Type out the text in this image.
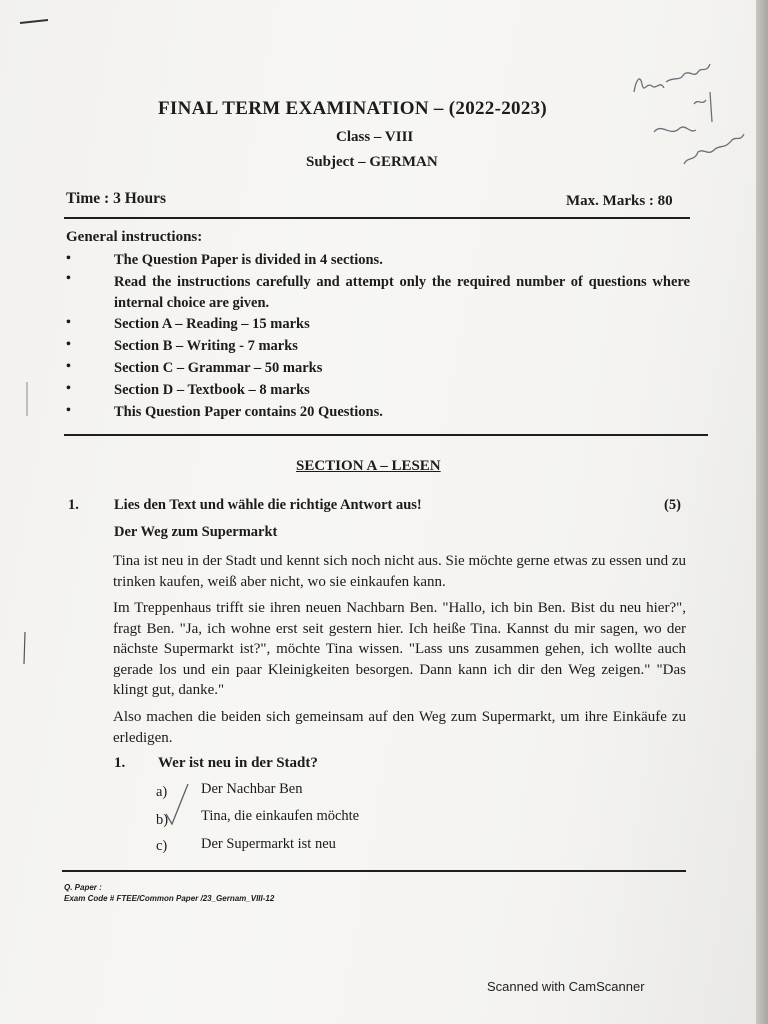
FINAL TERM EXAMINATION – (2022-2023)
Class – VIII
Subject – GERMAN
Time : 3 Hours	Max. Marks : 80
General instructions:
•	The Question Paper is divided in 4 sections.
•	Read the instructions carefully and attempt only the required number of questions where internal choice are given.
•	Section A – Reading – 15 marks
•	Section B – Writing - 7 marks
•	Section C – Grammar – 50 marks
•	Section D – Textbook – 8 marks
•	This Question Paper contains 20 Questions.
SECTION A – LESEN
1. Lies den Text und wähle die richtige Antwort aus!	(5)
Der Weg zum Supermarkt
Tina ist neu in der Stadt und kennt sich noch nicht aus. Sie möchte gerne etwas zu essen und zu trinken kaufen, weiß aber nicht, wo sie einkaufen kann.
Im Treppenhaus trifft sie ihren neuen Nachbarn Ben. "Hallo, ich bin Ben. Bist du neu hier?", fragt Ben. "Ja, ich wohne erst seit gestern hier. Ich heiße Tina. Kannst du mir sagen, wo der nächste Supermarkt ist?", möchte Tina wissen. "Lass uns zusammen gehen, ich wollte auch gerade los und ein paar Kleinigkeiten besorgen. Dann kann ich dir den Weg zeigen." "Das klingt gut, danke."
Also machen die beiden sich gemeinsam auf den Weg zum Supermarkt, um ihre Einkäufe zu erledigen.
1. Wer ist neu in der Stadt?
a) Der Nachbar Ben
b) Tina, die einkaufen möchte
c) Der Supermarkt ist neu
Q. Paper :
Exam Code # FTEE/Common Paper /23_Gernam_VIII-12
Scanned with CamScanner
